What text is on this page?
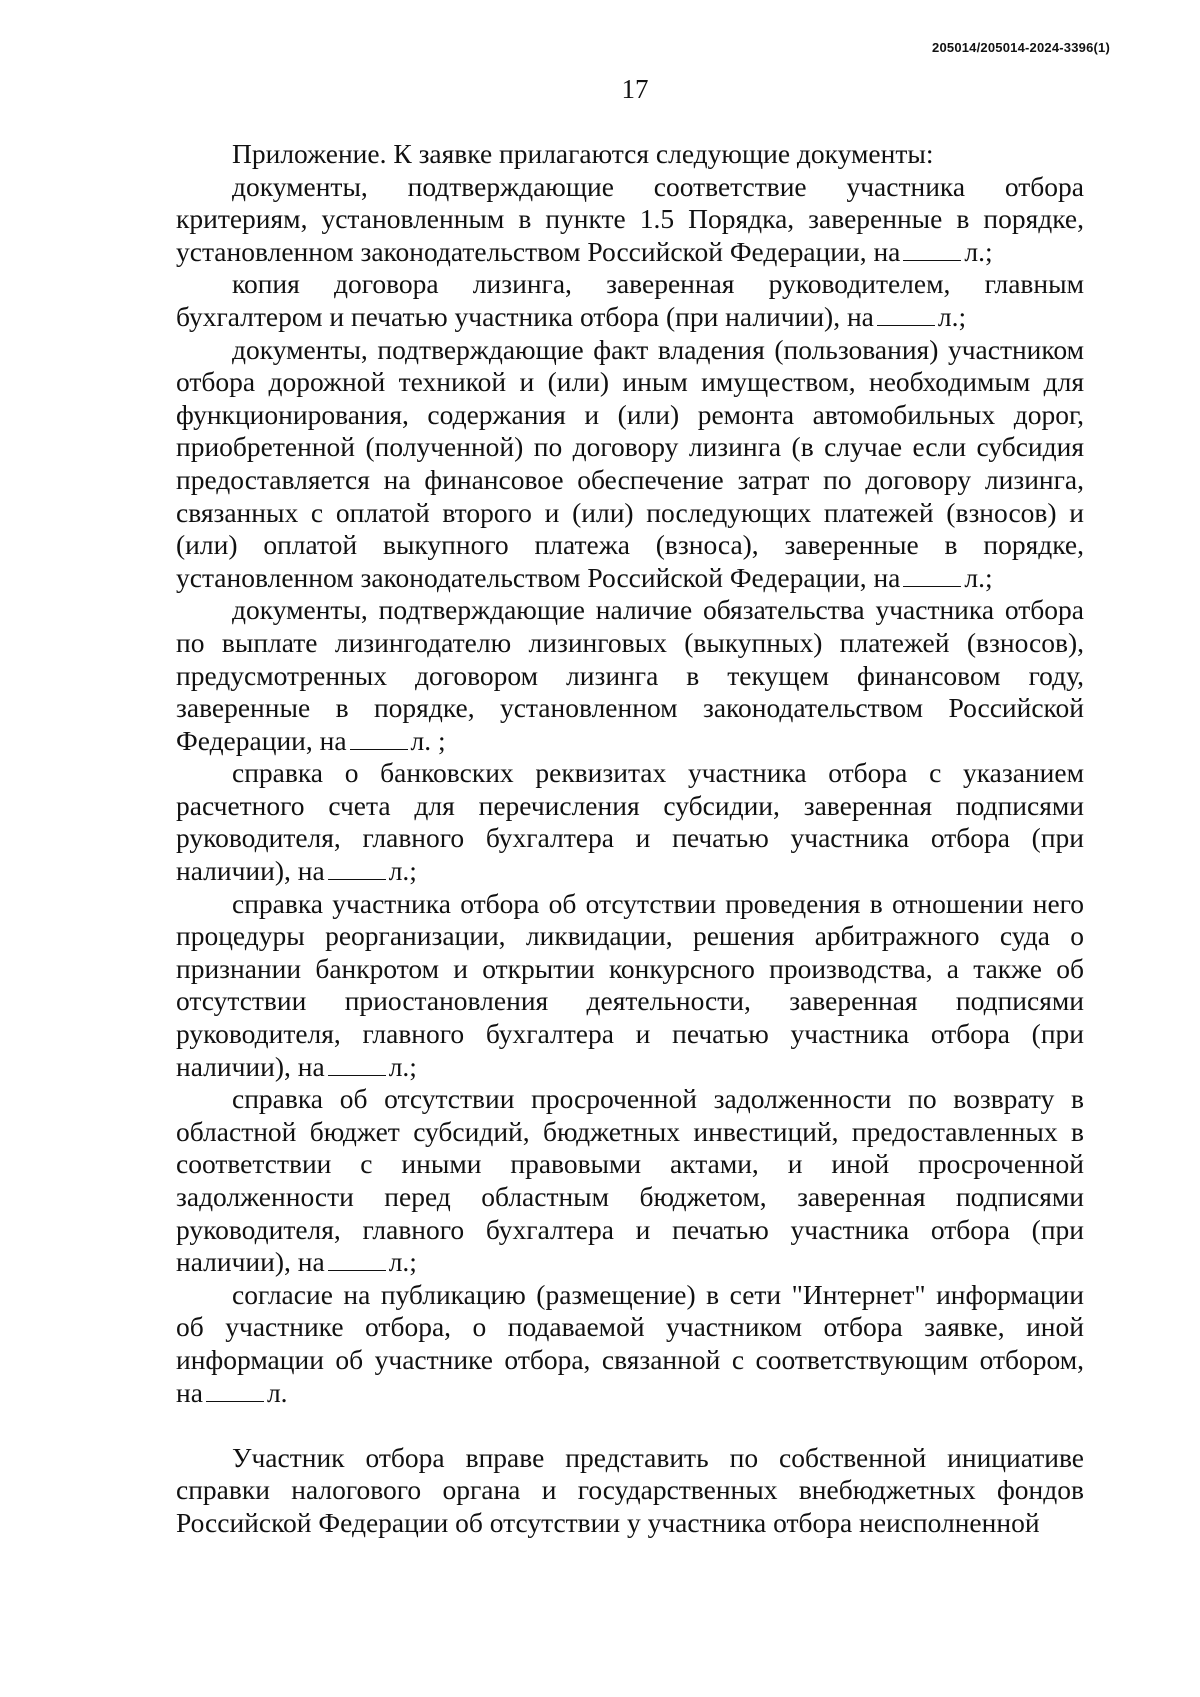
205014/205014-2024-3396(1)
17

Приложение. К заявке прилагаются следующие документы:

документы, подтверждающие соответствие участника отбора критериям, установленным в пункте 1.5 Порядка, заверенные в порядке, установленном законодательством Российской Федерации, на л.;

копия договора лизинга, заверенная руководителем, главным бухгалтером и печатью участника отбора (при наличии), на л.;

документы, подтверждающие факт владения (пользования) участником отбора дорожной техникой и (или) иным имуществом, необходимым для функционирования, содержания и (или) ремонта автомобильных дорог, приобретенной (полученной) по договору лизинга (в случае если субсидия предоставляется на финансовое обеспечение затрат по договору лизинга, связанных с оплатой второго и (или) последующих платежей (взносов) и (или) оплатой выкупного платежа (взноса), заверенные в порядке, установленном законодательством Российской Федерации, на л.;

документы, подтверждающие наличие обязательства участника отбора по выплате лизингодателю лизинговых (выкупных) платежей (взносов), предусмотренных договором лизинга в текущем финансовом году, заверенные в порядке, установленном законодательством Российской Федерации, на л. ;

справка о банковских реквизитах участника отбора с указанием расчетного счета для перечисления субсидии, заверенная подписями руководителя, главного бухгалтера и печатью участника отбора (при наличии), на л.;

справка участника отбора об отсутствии проведения в отношении него процедуры реорганизации, ликвидации, решения арбитражного суда о признании банкротом и открытии конкурсного производства, а также об отсутствии приостановления деятельности, заверенная подписями руководителя, главного бухгалтера и печатью участника отбора (при наличии), на л.;

справка об отсутствии просроченной задолженности по возврату в областной бюджет субсидий, бюджетных инвестиций, предоставленных в соответствии с иными правовыми актами, и иной просроченной задолженности перед областным бюджетом, заверенная подписями руководителя, главного бухгалтера и печатью участника отбора (при наличии), на л.;

согласие на публикацию (размещение) в сети "Интернет" информации об участнике отбора, о подаваемой участником отбора заявке, иной информации об участнике отбора, связанной с соответствующим отбором, на л.

Участник отбора вправе представить по собственной инициативе справки налогового органа и государственных внебюджетных фондов Российской Федерации об отсутствии у участника отбора неисполненной
